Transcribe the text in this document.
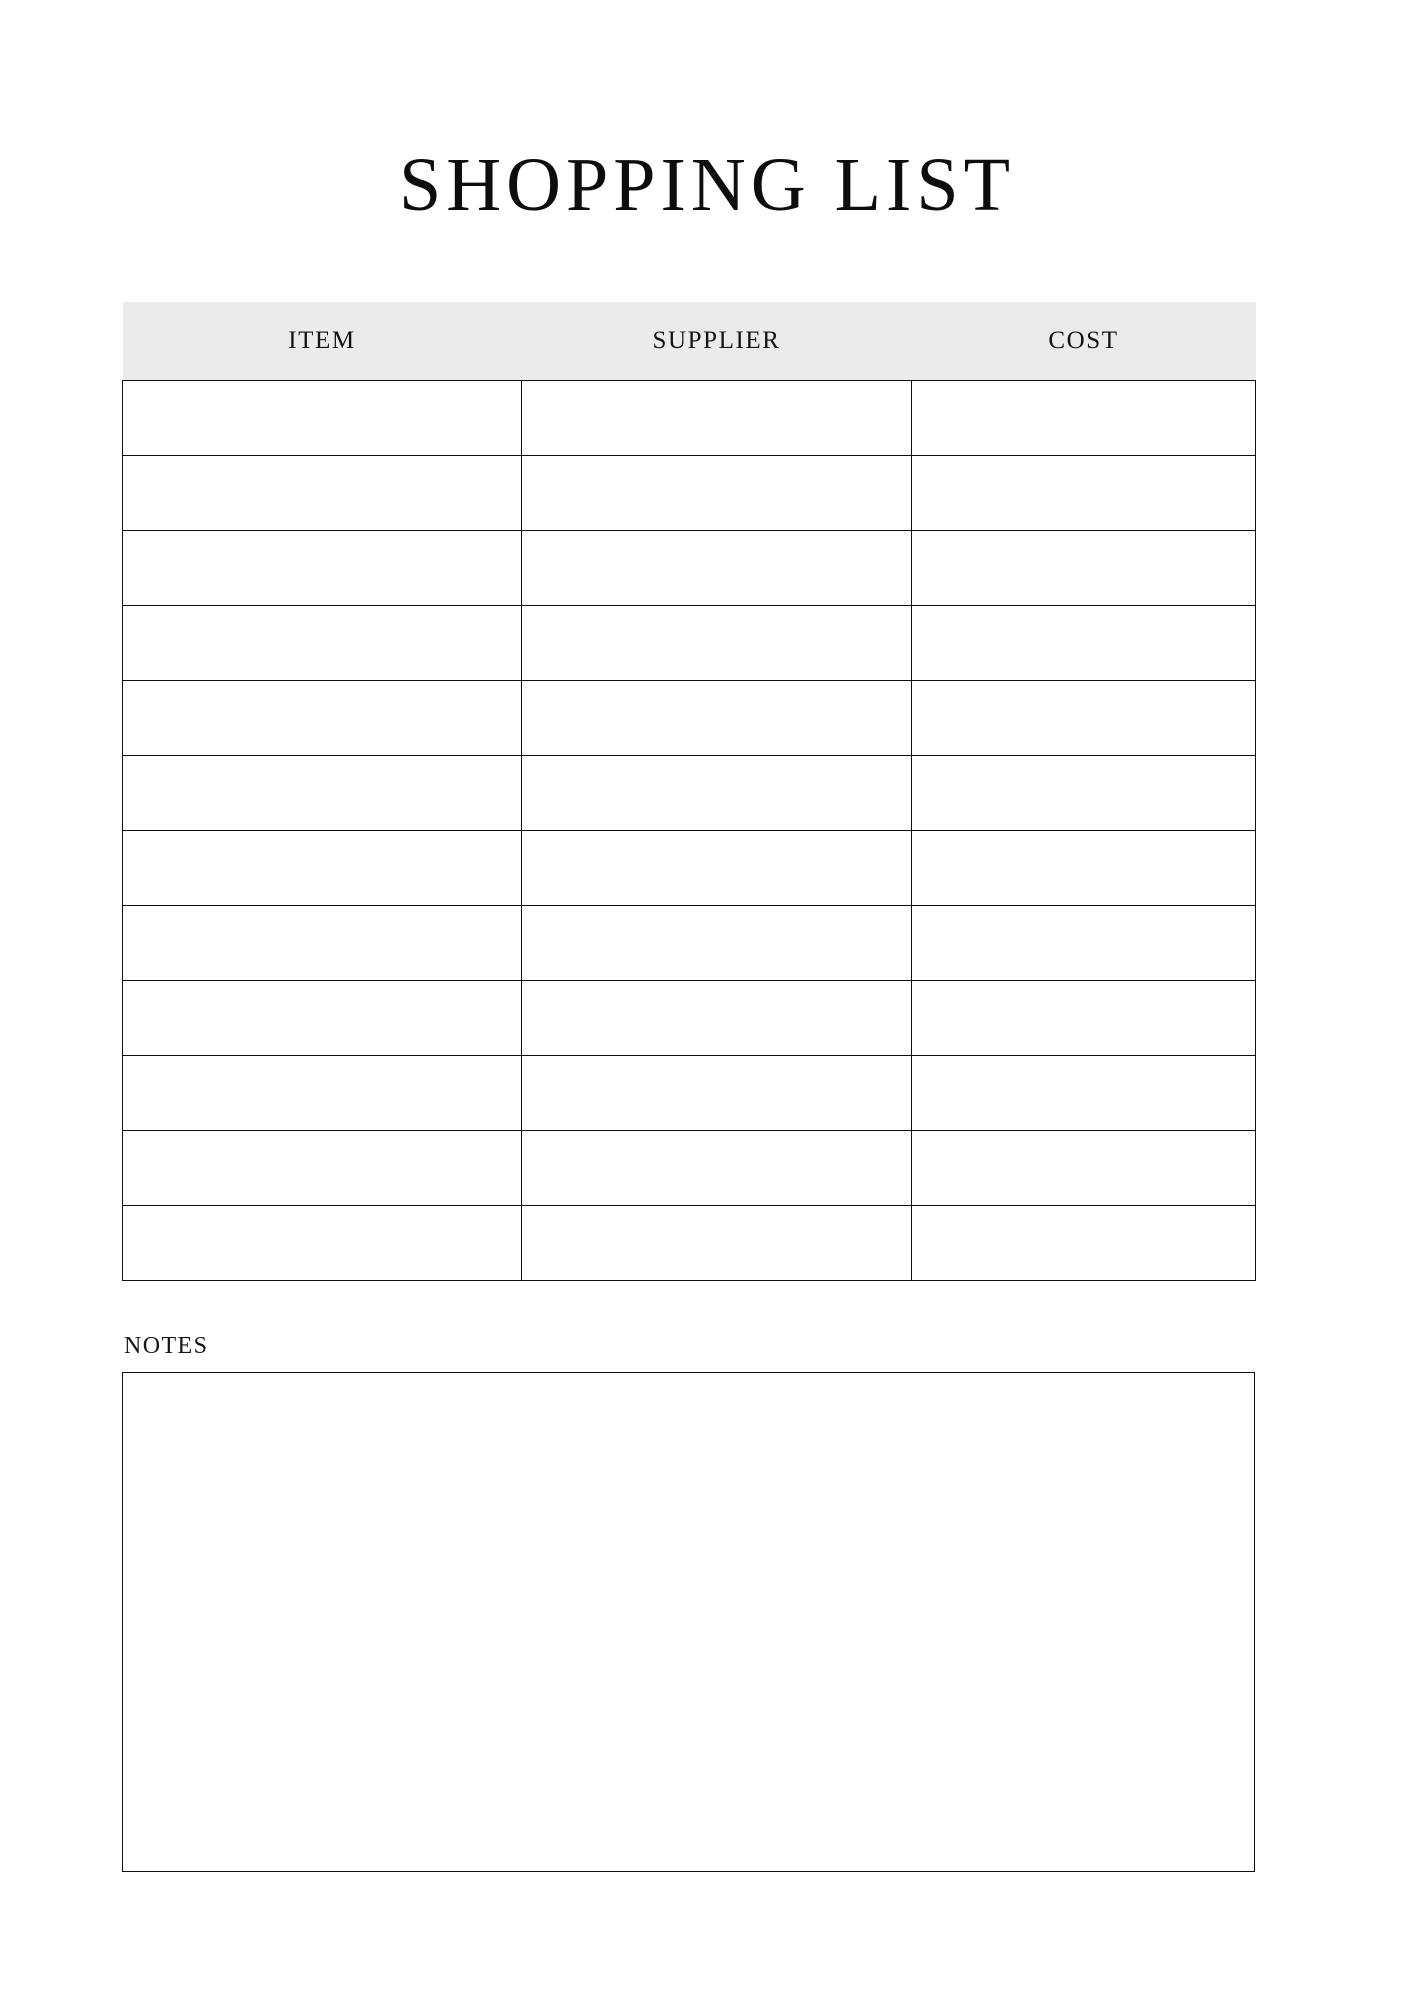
SHOPPING LIST
ITEM	SUPPLIER	COST

NOTES
